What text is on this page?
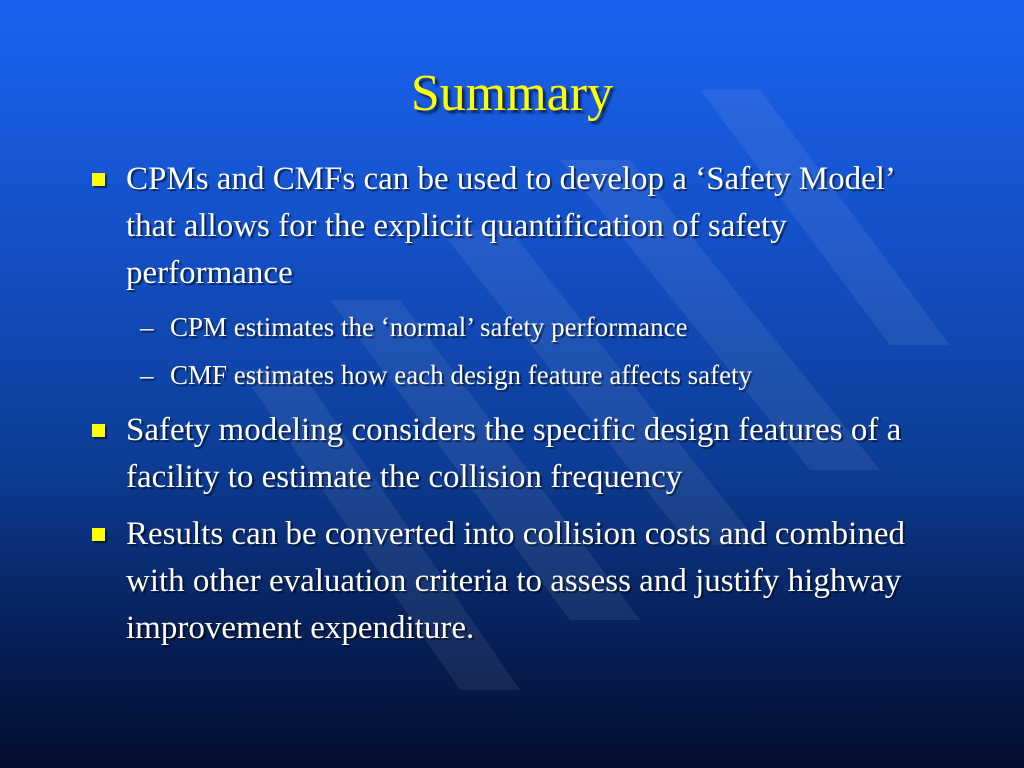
Summary
CPMs and CMFs can be used to develop a ‘Safety Model’ that allows for the explicit quantification of safety performance
– CPM estimates the ‘normal’ safety performance
– CMF estimates how each design feature affects safety
Safety modeling considers the specific design features of a facility to estimate the collision frequency
Results can be converted into collision costs and combined with other evaluation criteria to assess and justify highway improvement expenditure.
